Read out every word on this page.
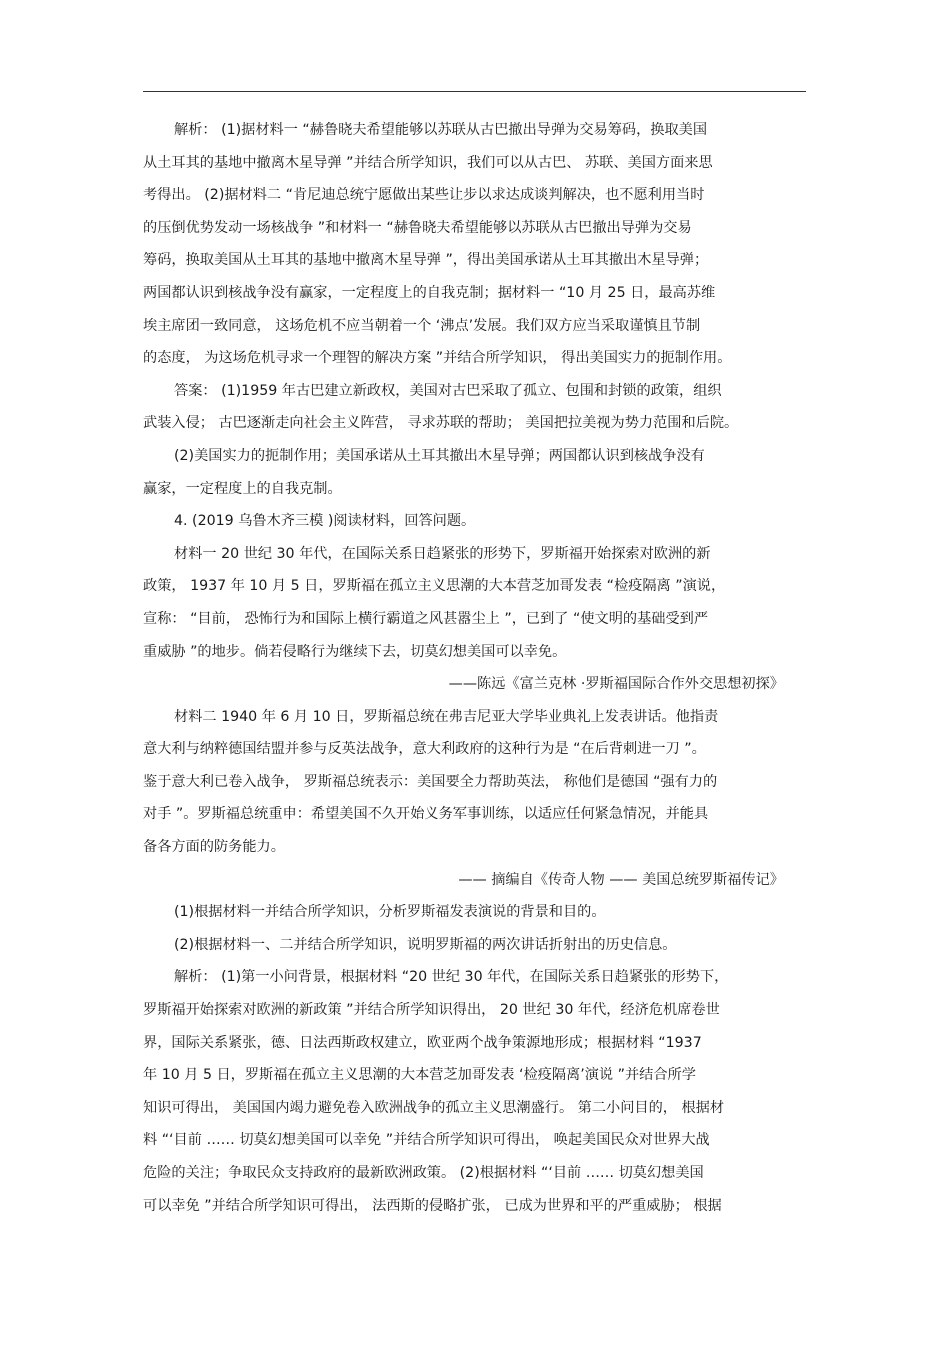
解析： (1)据材料一 “赫鲁晓夫希望能够以苏联从古巴撤出导弹为交易筹码，换取美国
从土耳其的基地中撤离木星导弹 ”并结合所学知识，我们可以从古巴、 苏联、美国方面来思
考得出。 (2)据材料二 “肯尼迪总统宁愿做出某些让步以求达成谈判解决，也不愿利用当时
的压倒优势发动一场核战争 ”和材料一 “赫鲁晓夫希望能够以苏联从古巴撤出导弹为交易
筹码，换取美国从土耳其的基地中撤离木星导弹 ”，得出美国承诺从土耳其撤出木星导弹；
两国都认识到核战争没有赢家，一定程度上的自我克制；据材料一 “10 月 25 日，最高苏维
埃主席团一致同意， 这场危机不应当朝着一个 ‘沸点’发展。我们双方应当采取谨慎且节制
的态度， 为这场危机寻求一个理智的解决方案 ”并结合所学知识， 得出美国实力的扼制作用。
答案： (1)1959 年古巴建立新政权，美国对古巴采取了孤立、包围和封锁的政策，组织
武装入侵； 古巴逐渐走向社会主义阵营， 寻求苏联的帮助； 美国把拉美视为势力范围和后院。
(2)美国实力的扼制作用；美国承诺从土耳其撤出木星导弹；两国都认识到核战争没有
赢家，一定程度上的自我克制。
4. (2019 乌鲁木齐三模 )阅读材料，回答问题。
材料一 20 世纪 30 年代，在国际关系日趋紧张的形势下，罗斯福开始探索对欧洲的新
政策， 1937 年 10 月 5 日，罗斯福在孤立主义思潮的大本营芝加哥发表 “检疫隔离 ”演说，
宣称： “目前， 恐怖行为和国际上横行霸道之风甚嚣尘上 ”，已到了 “使文明的基础受到严
重威胁 ”的地步。倘若侵略行为继续下去，切莫幻想美国可以幸免。
——陈远《富兰克林 ·罗斯福国际合作外交思想初探》
材料二 1940 年 6 月 10 日，罗斯福总统在弗吉尼亚大学毕业典礼上发表讲话。他指责
意大利与纳粹德国结盟并参与反英法战争，意大利政府的这种行为是 “在后背刺进一刀 ”。
鉴于意大利已卷入战争， 罗斯福总统表示：美国要全力帮助英法， 称他们是德国 “强有力的
对手 ”。罗斯福总统重申：希望美国不久开始义务军事训练，以适应任何紧急情况，并能具
备各方面的防务能力。
—— 摘编自《传奇人物 —— 美国总统罗斯福传记》
(1)根据材料一并结合所学知识，分析罗斯福发表演说的背景和目的。
(2)根据材料一、二并结合所学知识，说明罗斯福的两次讲话折射出的历史信息。
解析： (1)第一小问背景，根据材料 “20 世纪 30 年代，在国际关系日趋紧张的形势下，
罗斯福开始探索对欧洲的新政策 ”并结合所学知识得出， 20 世纪 30 年代，经济危机席卷世
界，国际关系紧张，德、日法西斯政权建立，欧亚两个战争策源地形成；根据材料 “1937
年 10 月 5 日，罗斯福在孤立主义思潮的大本营芝加哥发表 ‘检疫隔离’演说 ”并结合所学
知识可得出， 美国国内竭力避免卷入欧洲战争的孤立主义思潮盛行。 第二小问目的， 根据材
料 “‘目前 …… 切莫幻想美国可以幸免 ”并结合所学知识可得出， 唤起美国民众对世界大战
危险的关注；争取民众支持政府的最新欧洲政策。 (2)根据材料 “‘目前 …… 切莫幻想美国
可以幸免 ”并结合所学知识可得出， 法西斯的侵略扩张， 已成为世界和平的严重威胁； 根据
